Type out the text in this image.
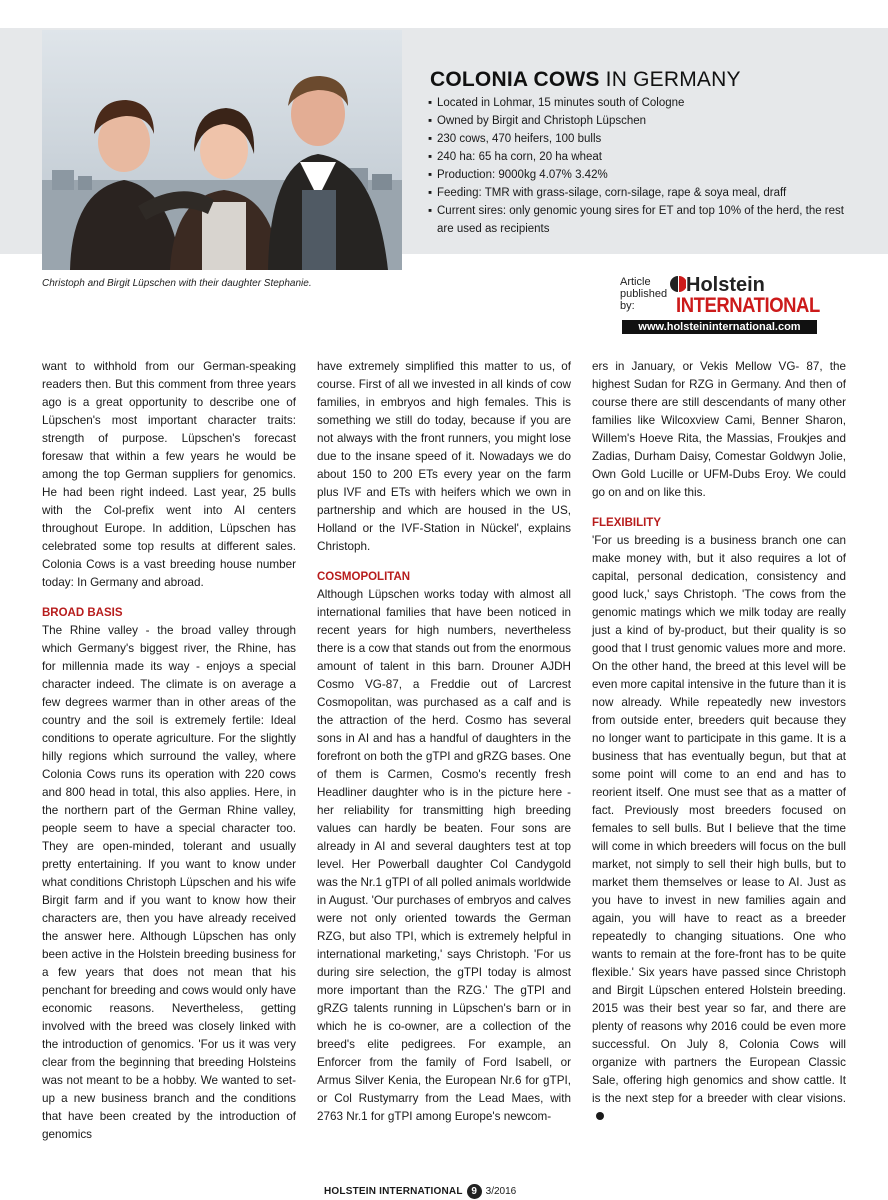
Christoph and Birgit Lüpschen with their daughter Stephanie.
COLONIA COWS IN GERMANY
▪ Located in Lohmar, 15 minutes south of Cologne
▪ Owned by Birgit and Christoph Lüpschen
▪ 230 cows, 470 heifers, 100 bulls
▪ 240 ha: 65 ha corn, 20 ha wheat
▪ Production: 9000kg 4.07% 3.42%
▪ Feeding: TMR with grass-silage, corn-silage, rape & soya meal, draff
▪ Current sires: only genomic young sires for ET and top 10% of the herd, the rest are used as recipients
Article published by:
Holstein
INTERNATIONAL
www.holsteininternational.com

want to withhold from our German-speaking readers then. But this comment from three years ago is a great opportunity to describe one of Lüpschen's most important character traits: strength of purpose. Lüpschen's forecast foresaw that within a few years he would be among the top German suppliers for genomics. He had been right indeed. Last year, 25 bulls with the Col-prefix went into AI centers throughout Europe. In addition, Lüpschen has celebrated some top results at different sales. Colonia Cows is a vast breeding house number today: In Germany and abroad.

BROAD BASIS

The Rhine valley - the broad valley through which Germany's biggest river, the Rhine, has for millennia made its way - enjoys a special character indeed. The climate is on average a few degrees warmer than in other areas of the country and the soil is extremely fertile: Ideal conditions to operate agriculture. For the slightly hilly regions which surround the valley, where Colonia Cows runs its operation with 220 cows and 800 head in total, this also applies. Here, in the northern part of the German Rhine valley, people seem to have a special character too. They are open-minded, tolerant and usually pretty entertaining. If you want to know under what conditions Christoph Lüpschen and his wife Birgit farm and if you want to know how their characters are, then you have already received the answer here. Although Lüpschen has only been active in the Holstein breeding business for a few years that does not mean that his penchant for breeding and cows would only have economic reasons. Nevertheless, getting involved with the breed was closely linked with the introduction of genomics. 'For us it was very clear from the beginning that breeding Holsteins was not meant to be a hobby. We wanted to set-up a new business branch and the conditions that have been created by the introduction of genomics

have extremely simplified this matter to us, of course. First of all we invested in all kinds of cow families, in embryos and high females. This is something we still do today, because if you are not always with the front runners, you might lose due to the insane speed of it. Nowadays we do about 150 to 200 ETs every year on the farm plus IVF and ETs with heifers which we own in partnership and which are housed in the US, Holland or the IVF-Station in Nückel', explains Christoph.

COSMOPOLITAN

Although Lüpschen works today with almost all international families that have been noticed in recent years for high numbers, nevertheless there is a cow that stands out from the enormous amount of talent in this barn. Drouner AJDH Cosmo VG-87, a Freddie out of Larcrest Cosmopolitan, was purchased as a calf and is the attraction of the herd. Cosmo has several sons in AI and has a handful of daughters in the forefront on both the gTPI and gRZG bases. One of them is Carmen, Cosmo's recently fresh Headliner daughter who is in the picture here - her reliability for transmitting high breeding values can hardly be beaten. Four sons are already in AI and several daughters test at top level. Her Powerball daughter Col Candygold was the Nr.1 gTPI of all polled animals worldwide in August. 'Our purchases of embryos and calves were not only oriented towards the German RZG, but also TPI, which is extremely helpful in international marketing,' says Christoph. 'For us during sire selection, the gTPI today is almost more important than the RZG.' The gTPI and gRZG talents running in Lüpschen's barn or in which he is co-owner, are a collection of the breed's elite pedigrees. For example, an Enforcer from the family of Ford Isabell, or Armus Silver Kenia, the European Nr.6 for gTPI, or Col Rustymarry from the Lead Maes, with 2763 Nr.1 for gTPI among Europe's newcom-

ers in January, or Vekis Mellow VG- 87, the highest Sudan for RZG in Germany. And then of course there are still descendants of many other families like Wilcoxview Cami, Benner Sharon, Willem's Hoeve Rita, the Massias, Froukjes and Zadias, Durham Daisy, Comestar Goldwyn Jolie, Own Gold Lucille or UFM-Dubs Eroy. We could go on and on like this.

FLEXIBILITY

'For us breeding is a business branch one can make money with, but it also requires a lot of capital, personal dedication, consistency and good luck,' says Christoph. 'The cows from the genomic matings which we milk today are really just a kind of by-product, but their quality is so good that I trust genomic values more and more. On the other hand, the breed at this level will be even more capital intensive in the future than it is now already. While repeatedly new investors from outside enter, breeders quit because they no longer want to participate in this game. It is a business that has eventually begun, but that at some point will come to an end and has to reorient itself. One must see that as a matter of fact. Previously most breeders focused on females to sell bulls. But I believe that the time will come in which breeders will focus on the bull market, not simply to sell their high bulls, but to market them themselves or lease to AI. Just as you have to invest in new families again and again, you will have to react as a breeder repeatedly to changing situations. One who wants to remain at the fore-front has to be quite flexible.' Six years have passed since Christoph and Birgit Lüpschen entered Holstein breeding. 2015 was their best year so far, and there are plenty of reasons why 2016 could be even more successful. On July 8, Colonia Cows will organize with partners the European Classic Sale, offering high genomics and show cattle. It is the next step for a breeder with clear visions.

HOLSTEIN INTERNATIONAL 9 3/2016
